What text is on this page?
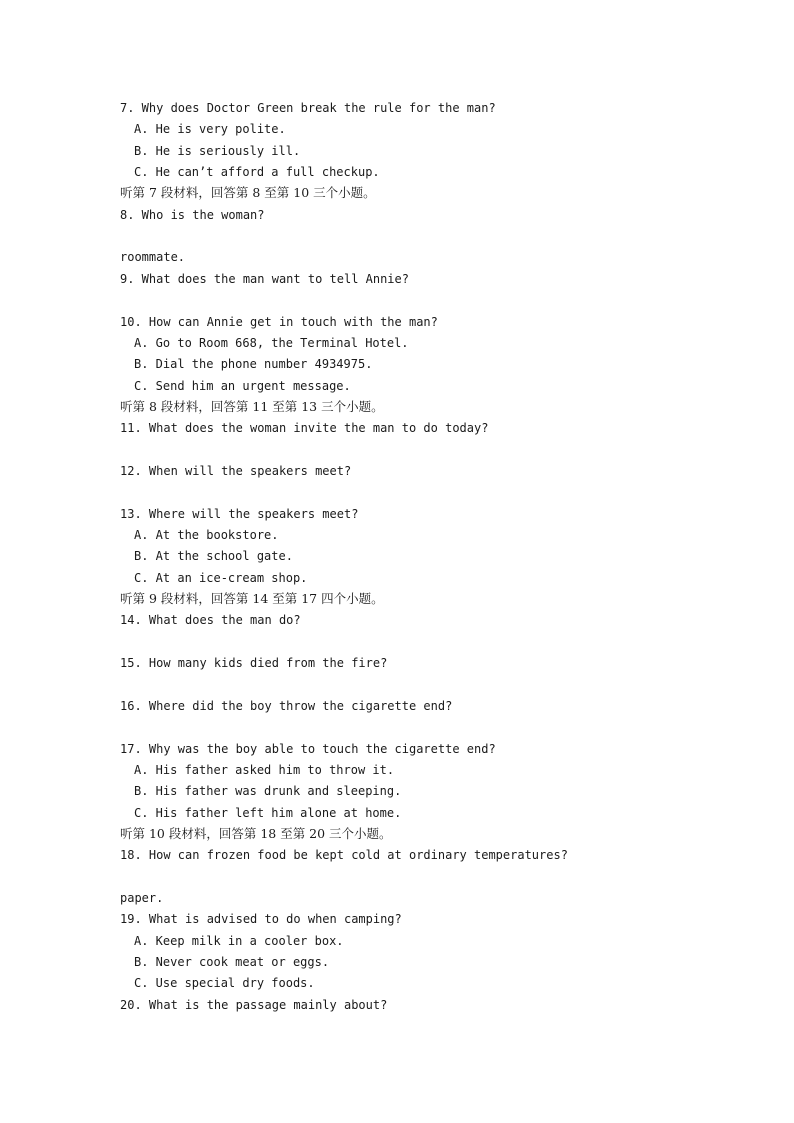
7. Why does Doctor Green break the rule for the man?
A. He is very polite.
B. He is seriously ill.
C. He can’t afford a full checkup.
听第 7 段材料，回答第 8 至第 10 三个小题。
8. Who is the woman?
roommate.
9. What does the man want to tell Annie?
10. How can Annie get in touch with the man?
A. Go to Room 668, the Terminal Hotel.
B. Dial the phone number 4934975.
C. Send him an urgent message.
听第 8 段材料，回答第 11 至第 13 三个小题。
11. What does the woman invite the man to do today?
12. When will the speakers meet?
13. Where will the speakers meet?
A. At the bookstore.
B. At the school gate.
C. At an ice-cream shop.
听第 9 段材料，回答第 14 至第 17 四个小题。
14. What does the man do?
15. How many kids died from the fire?
16. Where did the boy throw the cigarette end?
17. Why was the boy able to touch the cigarette end?
A. His father asked him to throw it.
B. His father was drunk and sleeping.
C. His father left him alone at home.
听第 10 段材料，回答第 18 至第 20 三个小题。
18. How can frozen food be kept cold at ordinary temperatures?
paper.
19. What is advised to do when camping?
A. Keep milk in a cooler box.
B. Never cook meat or eggs.
C. Use special dry foods.
20. What is the passage mainly about?
